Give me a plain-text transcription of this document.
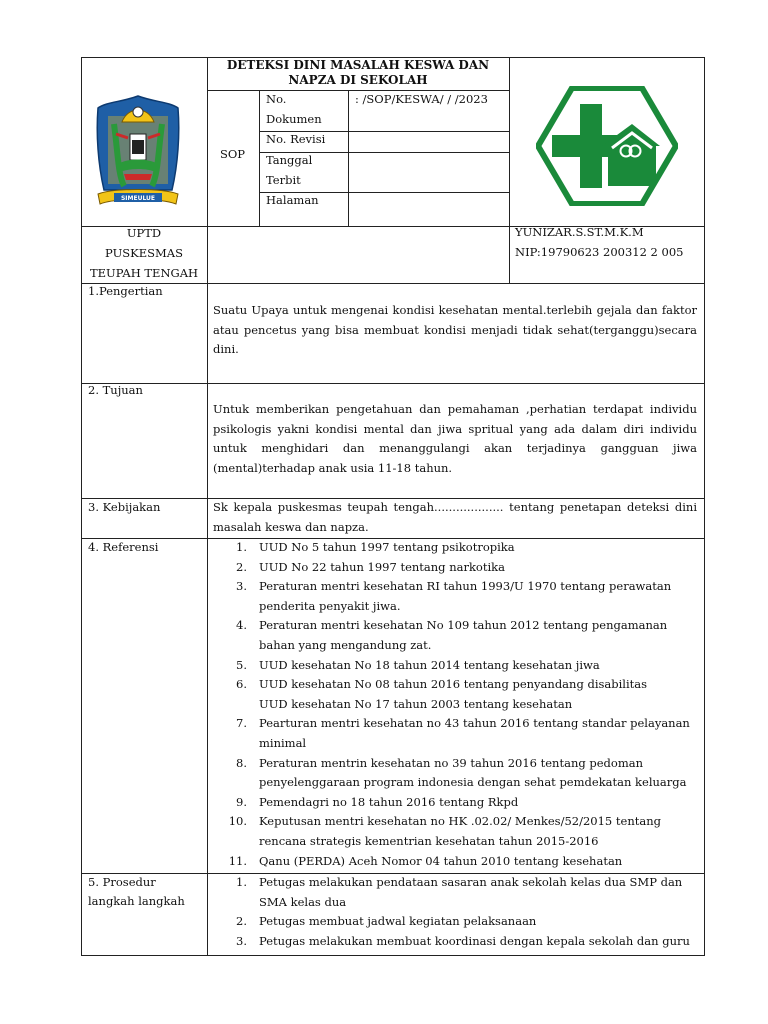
SIMEULUE
DETEKSI DINI MASALAH KESWA DAN NAPZA DI SEKOLAH
SOP
No. Dokumen
No. Revisi
Tanggal Terbit
Halaman
: /SOP/KESWA/ / /2023
UPTD PUSKESMAS TEUPAH TENGAH
YUNIZAR.S.ST.M.K.M
NIP:19790623 200312 2 005
1.Pengertian
Suatu Upaya untuk mengenai kondisi kesehatan mental.terlebih gejala dan faktor atau pencetus yang bisa membuat kondisi menjadi tidak sehat(terganggu)secara dini.
2. Tujuan
Untuk memberikan pengetahuan dan pemahaman ,perhatian terdapat individu psikologis yakni kondisi mental dan jiwa spritual yang ada dalam diri individu untuk menghidari dan menanggulangi akan terjadinya gangguan jiwa (mental)terhadap anak usia 11-18 tahun.
3. Kebijakan	Sk kepala puskesmas teupah tengah................... tentang penetapan deteksi dini masalah keswa dan napza.
4. Referensi	1. UUD No 5 tahun 1997 tentang psikotropika
2. UUD No 22 tahun 1997 tentang narkotika
3. Peraturan mentri kesehatan RI tahun 1993/U 1970 tentang perawatan
penderita penyakit jiwa.
4. Peraturan mentri kesehatan No 109 tahun 2012 tentang pengamanan
bahan yang mengandung zat.
5. UUD kesehatan No 18 tahun 2014 tentang kesehatan jiwa
6. UUD kesehatan No 08 tahun 2016 tentang penyandang disabilitas
UUD kesehatan No 17 tahun 2003 tentang kesehatan
7. Pearturan mentri kesehatan no 43 tahun 2016 tentang standar pelayanan
minimal
8. Peraturan mentrin kesehatan no 39 tahun 2016 tentang pedoman
penyelenggaraan program indonesia dengan sehat pemdekatan keluarga
9. Pemendagri no 18 tahun 2016 tentang Rkpd
10. Keputusan mentri kesehatan no HK .02.02/ Menkes/52/2015 tentang
rencana strategis kementrian kesehatan tahun 2015-2016
11. Qanu (PERDA) Aceh Nomor 04 tahun 2010 tentang kesehatan
5. Prosedur
langkah langkah
1. Petugas melakukan pendataan sasaran anak sekolah kelas dua SMP dan
SMA kelas dua
2. Petugas membuat jadwal kegiatan pelaksanaan
3. Petugas melakukan membuat koordinasi dengan kepala sekolah dan guru
